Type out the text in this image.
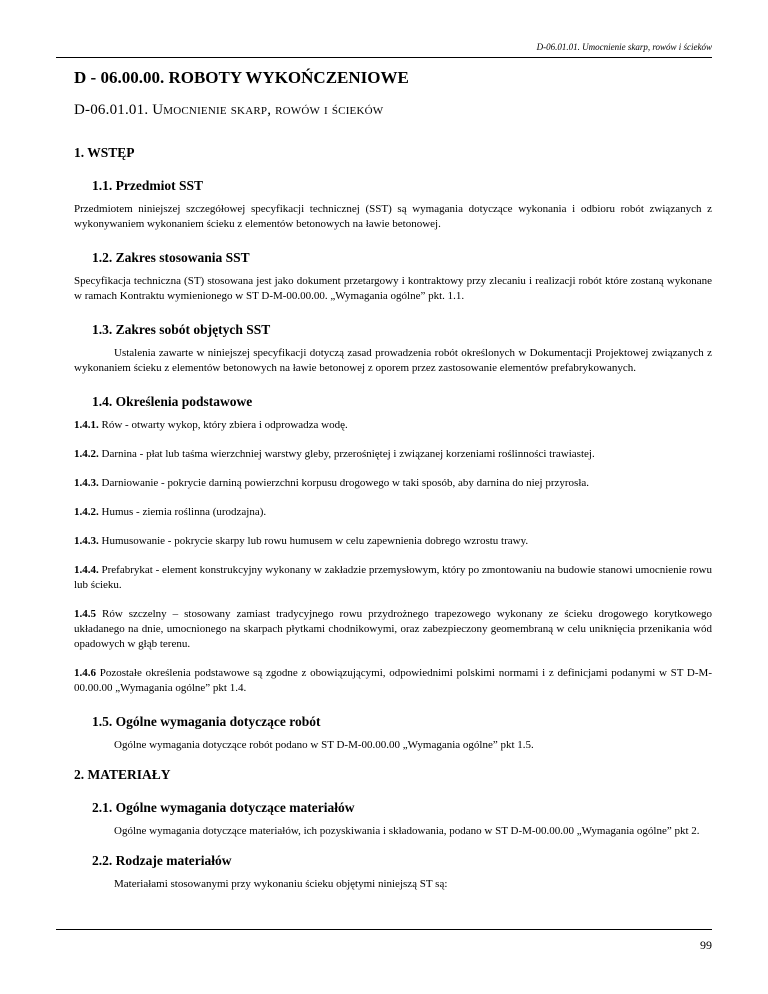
D-06.01.01. Umocnienie skarp, rowów i ścieków
D - 06.00.00. ROBOTY WYKOŃCZENIOWE
D-06.01.01. Umocnienie skarp, rowów i ścieków
1. WSTĘP
1.1. Przedmiot SST

Przedmiotem niniejszej szczegółowej specyfikacji technicznej (SST) są wymagania dotyczące wykonania i odbioru robót związanych z wykonywaniem wykonaniem ścieku z elementów betonowych na ławie betonowej.

1.2. Zakres stosowania SST

Specyfikacja techniczna (ST) stosowana jest jako dokument przetargowy i kontraktowy przy zlecaniu i realizacji robót które zostaną wykonane w ramach Kontraktu wymienionego w ST D-M-00.00.00. „Wymagania ogólne” pkt. 1.1.

1.3. Zakres sobót objętych SST

Ustalenia zawarte w niniejszej specyfikacji dotyczą zasad prowadzenia robót określonych w Dokumentacji Projektowej związanych z wykonaniem ścieku z elementów betonowych na ławie betonowej z oporem przez zastosowanie elementów prefabrykowanych.

1.4. Określenia podstawowe

1.4.1. Rów - otwarty wykop, który zbiera i odprowadza wodę.

1.4.2. Darnina - płat lub taśma wierzchniej warstwy gleby, przerośniętej i związanej korzeniami roślinności trawiastej.

1.4.3. Darniowanie - pokrycie darniną powierzchni korpusu drogowego w taki sposób, aby darnina do niej przyrosła.

1.4.2. Humus - ziemia roślinna (urodzajna).

1.4.3. Humusowanie - pokrycie skarpy lub rowu humusem w celu zapewnienia dobrego wzrostu trawy.

1.4.4. Prefabrykat - element konstrukcyjny wykonany w zakładzie przemysłowym, który po zmontowaniu na budowie stanowi umocnienie rowu lub ścieku.

1.4.5 Rów szczelny – stosowany zamiast tradycyjnego rowu przydrożnego trapezowego wykonany ze ścieku drogowego korytkowego układanego na dnie, umocnionego na skarpach płytkami chodnikowymi, oraz zabezpieczony geomembraną w celu uniknięcia przenikania wód opadowych w głąb terenu.

1.4.6 Pozostałe określenia podstawowe są zgodne z obowiązującymi, odpowiednimi polskimi normami i z definicjami podanymi w ST D-M-00.00.00 „Wymagania ogólne” pkt 1.4.

1.5. Ogólne wymagania dotyczące robót

Ogólne wymagania dotyczące robót podano w ST D-M-00.00.00 „Wymagania ogólne” pkt 1.5.

2. MATERIAŁY
2.1. Ogólne wymagania dotyczące materiałów

Ogólne wymagania dotyczące materiałów, ich pozyskiwania i składowania, podano w ST D-M-00.00.00 „Wymagania ogólne” pkt 2.

2.2. Rodzaje materiałów

Materiałami stosowanymi przy wykonaniu ścieku objętymi niniejszą ST są:

99
